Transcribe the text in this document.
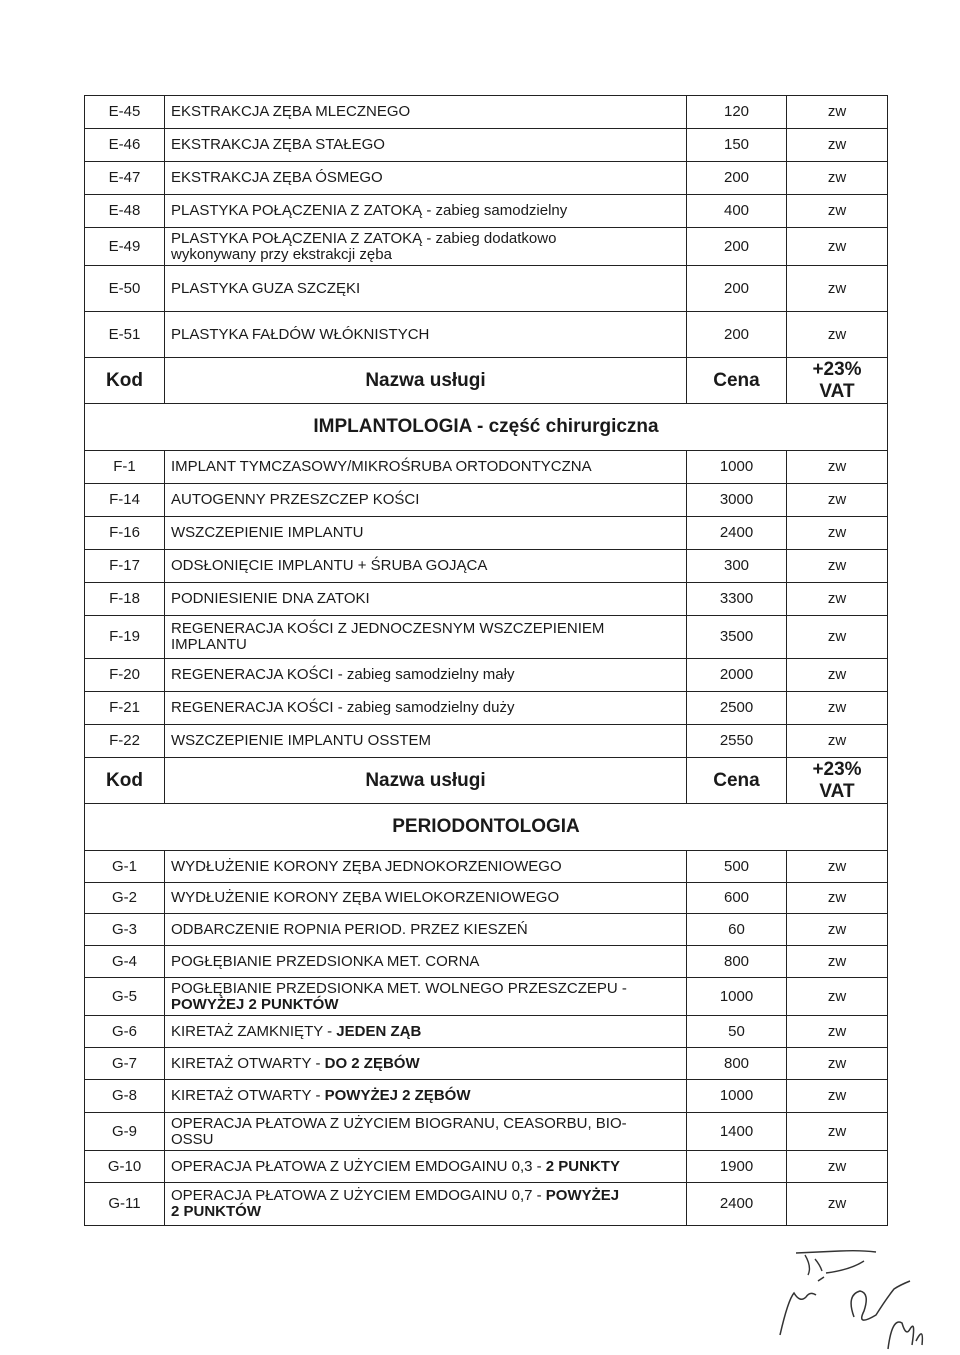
E-45	EKSTRAKCJA ZĘBA MLECZNEGO	120	zw
E-46	EKSTRAKCJA ZĘBA STAŁEGO	150	zw
E-47	EKSTRAKCJA ZĘBA ÓSMEGO	200	zw
E-48	PLASTYKA POŁĄCZENIA Z ZATOKĄ - zabieg samodzielny	400	zw
E-49	PLASTYKA POŁĄCZENIA Z ZATOKĄ - zabieg dodatkowo
wykonywany przy ekstrakcji zęba	200	zw
E-50	PLASTYKA GUZA SZCZĘKI	200	zw
E-51	PLASTYKA FAŁDÓW WŁÓKNISTYCH	200	zw
Kod	Nazwa usługi	Cena	+23% VAT
IMPLANTOLOGIA - część chirurgiczna			
F-1	IMPLANT TYMCZASOWY/MIKROŚRUBA ORTODONTYCZNA	1000	zw
F-14	AUTOGENNY PRZESZCZEP KOŚCI	3000	zw
F-16	WSZCZEPIENIE IMPLANTU	2400	zw
F-17	ODSŁONIĘCIE IMPLANTU + ŚRUBA GOJĄCA	300	zw
F-18	PODNIESIENIE DNA ZATOKI	3300	zw
F-19	REGENERACJA KOŚCI Z JEDNOCZESNYM WSZCZEPIENIEM
IMPLANTU	3500	zw
F-20	REGENERACJA KOŚCI - zabieg samodzielny mały	2000	zw
F-21	REGENERACJA KOŚCI - zabieg samodzielny duży	2500	zw
F-22	WSZCZEPIENIE IMPLANTU OSSTEM	2550	zw
Kod	Nazwa usługi	Cena	+23% VAT
PERIODONTOLOGIA			
G-1	WYDŁUŻENIE KORONY ZĘBA JEDNOKORZENIOWEGO	500	zw
G-2	WYDŁUŻENIE KORONY ZĘBA WIELOKORZENIOWEGO	600	zw
G-3	ODBARCZENIE ROPNIA PERIOD. PRZEZ KIESZEŃ	60	zw
G-4	POGŁĘBIANIE PRZEDSIONKA MET. CORNA	800	zw
G-5	POGŁĘBIANIE PRZEDSIONKA MET. WOLNEGO PRZESZCZEPU -
POWYŻEJ 2 PUNKTÓW	1000	zw
G-6	KIRETAŻ ZAMKNIĘTY - JEDEN ZĄB	50	zw
G-7	KIRETAŻ OTWARTY - DO 2 ZĘBÓW	800	zw
G-8	KIRETAŻ OTWARTY - POWYŻEJ 2 ZĘBÓW	1000	zw
G-9	OPERACJA PŁATOWA Z UŻYCIEM BIOGRANU, CEASORBU, BIO-
OSSU	1400	zw
G-10	OPERACJA PŁATOWA Z UŻYCIEM EMDOGAINU 0,3 - 2 PUNKTY	1900	zw
G-11	OPERACJA PŁATOWA Z UŻYCIEM EMDOGAINU 0,7 - POWYŻEJ
2 PUNKTÓW	2400	zw
